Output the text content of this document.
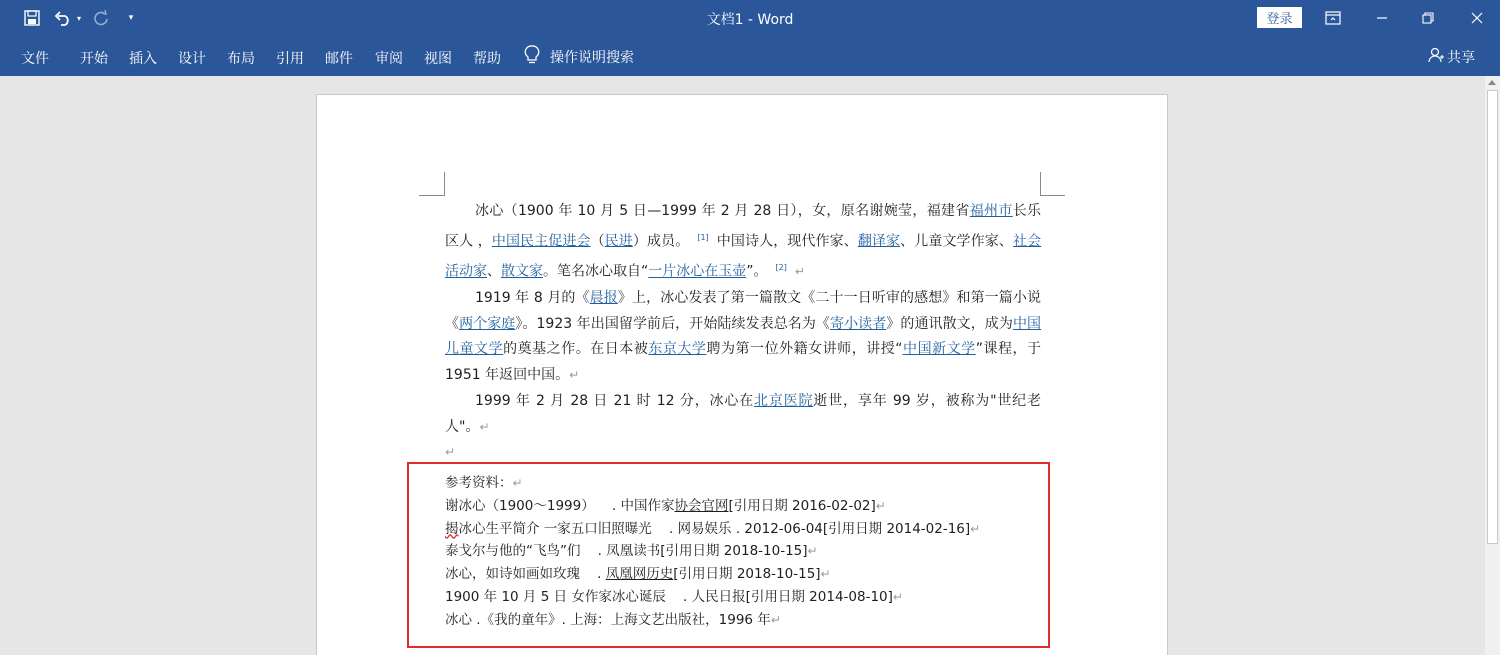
▾	▾	文档1 - Word	登录
文件 开始 插入 设计 布局 引用 邮件 审阅 视图 帮助	操作说明搜索	共享

冰心（1900 年 10 月 5 日—1999 年 2 月 28 日），女，原名谢婉莹，福建省福州市长乐区人 ，中国民主促进会（民进）成员。 [1] 中国诗人，现代作家、翻译家、儿童文学作家、社会活动家、散文家。笔名冰心取自“一片冰心在玉壶”。 [2] ↵

1919 年 8 月的《晨报》上，冰心发表了第一篇散文《二十一日听审的感想》和第一篇小说《两个家庭》。1923 年出国留学前后，开始陆续发表总名为《寄小读者》的通讯散文，成为中国儿童文学的奠基之作。在日本被东京大学聘为第一位外籍女讲师，讲授“中国新文学”课程，于 1951 年返回中国。↵

1999 年 2 月 28 日 21 时 12 分，冰心在北京医院逝世，享年 99 岁，被称为"世纪老人"。↵

↵

参考资料：↵
谢冰心（1900～1999） . 中国作家协会官网[引用日期 2016-02-02]↵
揭冰心生平简介 一家五口旧照曝光 . 网易娱乐 . 2012-06-04[引用日期 2014-02-16]↵
泰戈尔与他的“飞鸟”们 . 凤凰读书[引用日期 2018-10-15]↵
冰心，如诗如画如玫瑰 . 凤凰网历史[引用日期 2018-10-15]↵
1900 年 10 月 5 日 女作家冰心诞辰 . 人民日报[引用日期 2014-08-10]↵
冰心 .《我的童年》. 上海：上海文艺出版社，1996 年↵
